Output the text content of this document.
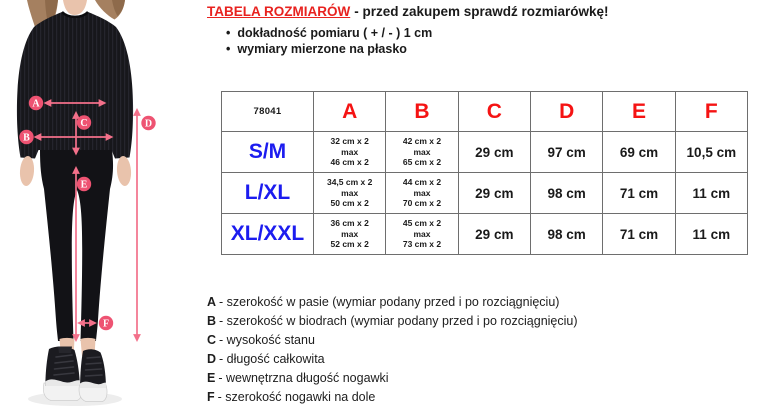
A
B
C	D
E
F
TABELA ROZMIARÓW - przed zakupem sprawdź rozmiarówkę!
• dokładność pomiaru ( + / - ) 1 cm
• wymiary mierzone na płasko
78041	A	B	C	D	E	F
S/M	32 cm x 2
max
46 cm x 2	42 cm x 2
max
65 cm x 2	29 cm	97 cm	69 cm	10,5 cm
L/XL	34,5 cm x 2
max
50 cm x 2	44 cm x 2
max
70 cm x 2	29 cm	98 cm	71 cm	11 cm
XL/XXL	36 cm x 2
max
52 cm x 2	45 cm x 2
max
73 cm x 2	29 cm	98 cm	71 cm	11 cm
A - szerokość w pasie (wymiar podany przed i po rozciągnięciu)
B - szerokość w biodrach (wymiar podany przed i po rozciągnięciu)
C - wysokość stanu
D - długość całkowita
E - wewnętrzna długość nogawki
F - szerokość nogawki na dole
